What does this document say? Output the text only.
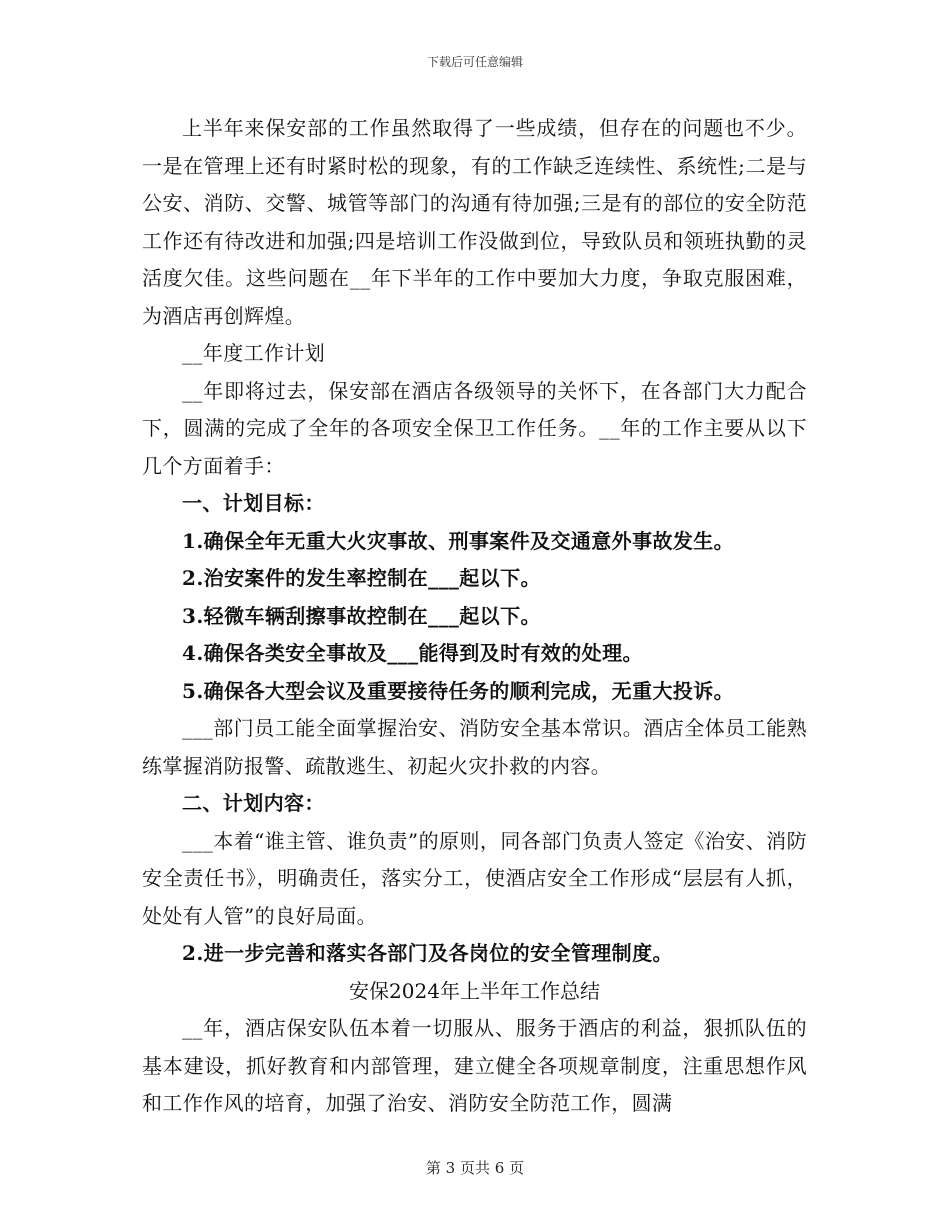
下载后可任意编辑

上半年来保安部的工作虽然取得了一些成绩，但存在的问题也不少。一是在管理上还有时紧时松的现象，有的工作缺乏连续性、系统性;二是与公安、消防、交警、城管等部门的沟通有待加强;三是有的部位的安全防范工作还有待改进和加强;四是培训工作没做到位，导致队员和领班执勤的灵活度欠佳。这些问题在__年下半年的工作中要加大力度，争取克服困难，为酒店再创辉煌。

__年度工作计划

__年即将过去，保安部在酒店各级领导的关怀下，在各部门大力配合下，圆满的完成了全年的各项安全保卫工作任务。__年的工作主要从以下几个方面着手：

一、计划目标：

1.确保全年无重大火灾事故、刑事案件及交通意外事故发生。

2.治安案件的发生率控制在___起以下。

3.轻微车辆刮擦事故控制在___起以下。

4.确保各类安全事故及___能得到及时有效的处理。

5.确保各大型会议及重要接待任务的顺利完成，无重大投诉。

___部门员工能全面掌握治安、消防安全基本常识。酒店全体员工能熟练掌握消防报警、疏散逃生、初起火灾扑救的内容。

二、计划内容：

___本着“谁主管、谁负责”的原则，同各部门负责人签定《治安、消防安全责任书》，明确责任，落实分工，使酒店安全工作形成“层层有人抓，处处有人管”的良好局面。

2.进一步完善和落实各部门及各岗位的安全管理制度。

安保2024年上半年工作总结

__年，酒店保安队伍本着一切服从、服务于酒店的利益，狠抓队伍的基本建设，抓好教育和内部管理，建立健全各项规章制度，注重思想作风和工作作风的培育，加强了治安、消防安全防范工作，圆满

第 3 页共 6 页
